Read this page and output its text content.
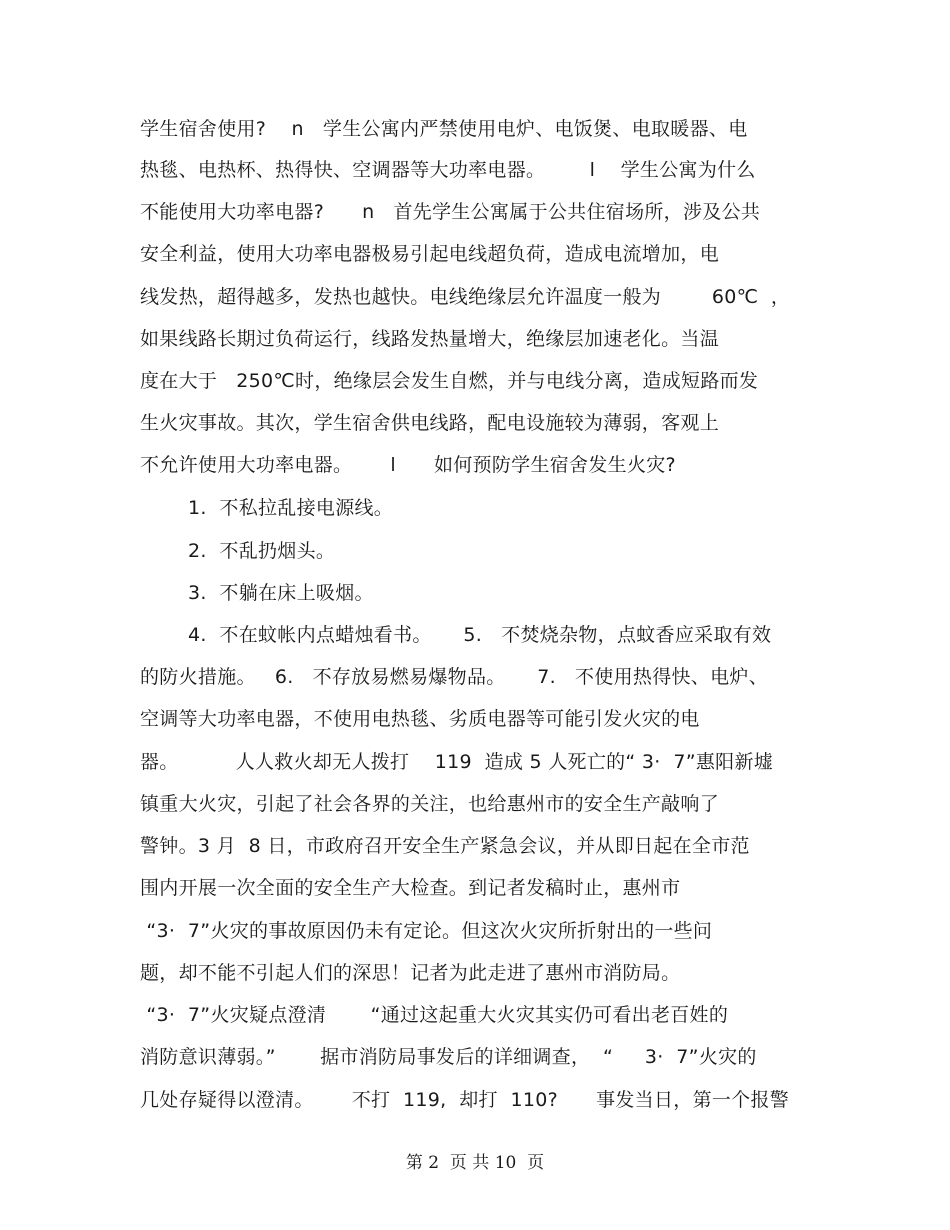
学生宿舍使用?    n   学生公寓内严禁使用电炉、电饭煲、电取暖器、电
热毯、电热杯、热得快、空调器等大功率电器。       l    学生公寓为什么
不能使用大功率电器?      n   首先学生公寓属于公共住宿场所，涉及公共
安全利益，使用大功率电器极易引起电线超负荷，造成电流增加，电
线发热，超得越多，发热也越快。电线绝缘层允许温度一般为        60℃  ，
如果线路长期过负荷运行，线路发热量增大，绝缘层加速老化。当温
度在大于   250℃时，绝缘层会发生自燃，并与电线分离，造成短路而发
生火灾事故。其次，学生宿舍供电线路，配电设施较为薄弱，客观上
不允许使用大功率电器。      l      如何预防学生宿舍发生火灾?
1.  不私拉乱接电源线。
2.  不乱扔烟头。
3.  不躺在床上吸烟。
4.  不在蚊帐内点蜡烛看书。     5.   不焚烧杂物，点蚊香应采取有效
的防火措施。   6.   不存放易燃易爆物品。     7.   不使用热得快、电炉、
空调等大功率电器，不使用电热毯、劣质电器等可能引发火灾的电
器。         人人救火却无人拨打    119  造成 5 人死亡的“ 3·  7”惠阳新墟
镇重大火灾，引起了社会各界的关注，也给惠州市的安全生产敲响了
警钟。3 月  8 日，市政府召开安全生产紧急会议，并从即日起在全市范
围内开展一次全面的安全生产大检查。到记者发稿时止，惠州市
“3·  7”火灾的事故原因仍未有定论。但这次火灾所折射出的一些问
题，却不能不引起人们的深思！记者为此走进了惠州市消防局。
“3·  7”火灾疑点澄清       “通过这起重大火灾其实仍可看出老百姓的
消防意识薄弱。”       据市消防局事发后的详细调查，  “     3·  7”火灾的
几处存疑得以澄清。      不打  119,  却打  110?      事发当日，第一个报警
第 2  页 共 10  页
